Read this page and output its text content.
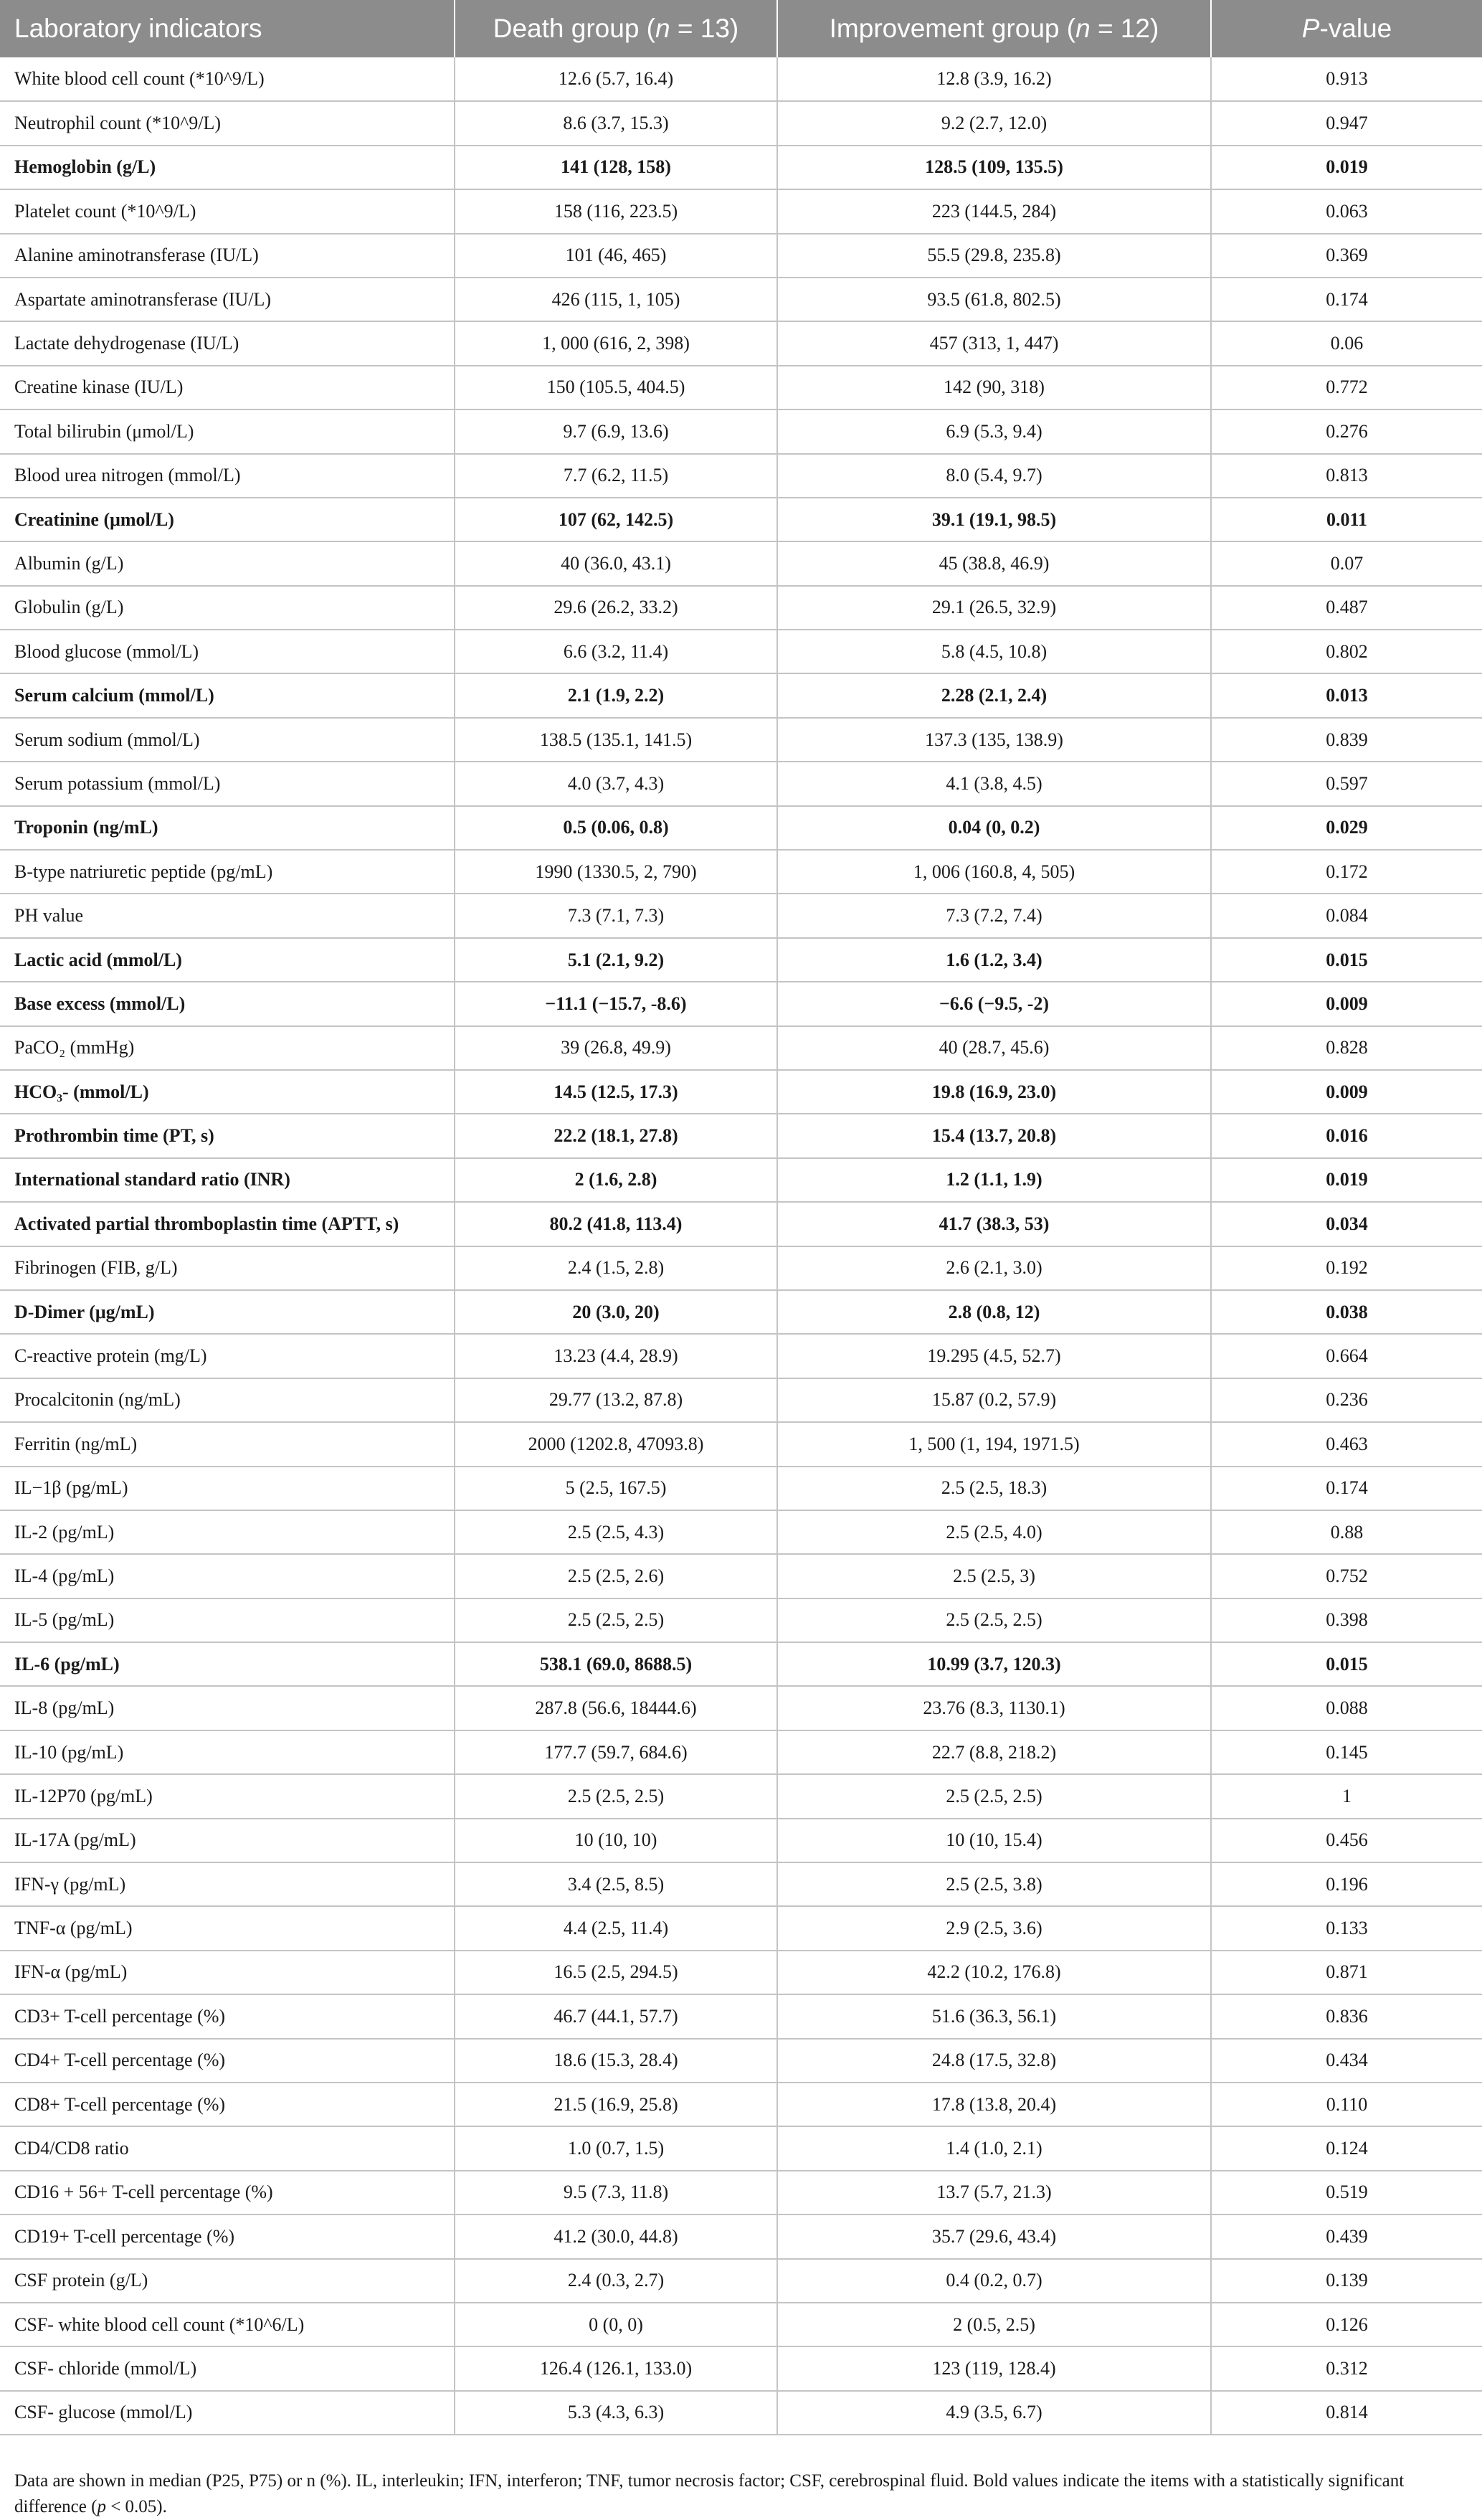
Laboratory indicators	Death group (n = 13)	Improvement group (n = 12)	P-value
White blood cell count (*10^9/L)	12.6 (5.7, 16.4)	12.8 (3.9, 16.2)	0.913
Neutrophil count (*10^9/L)	8.6 (3.7, 15.3)	9.2 (2.7, 12.0)	0.947
Hemoglobin (g/L)	141 (128, 158)	128.5 (109, 135.5)	0.019
Platelet count (*10^9/L)	158 (116, 223.5)	223 (144.5, 284)	0.063
Alanine aminotransferase (IU/L)	101 (46, 465)	55.5 (29.8, 235.8)	0.369
Aspartate aminotransferase (IU/L)	426 (115, 1, 105)	93.5 (61.8, 802.5)	0.174
Lactate dehydrogenase (IU/L)	1, 000 (616, 2, 398)	457 (313, 1, 447)	0.06
Creatine kinase (IU/L)	150 (105.5, 404.5)	142 (90, 318)	0.772
Total bilirubin (μmol/L)	9.7 (6.9, 13.6)	6.9 (5.3, 9.4)	0.276
Blood urea nitrogen (mmol/L)	7.7 (6.2, 11.5)	8.0 (5.4, 9.7)	0.813
Creatinine (μmol/L)	107 (62, 142.5)	39.1 (19.1, 98.5)	0.011
Albumin (g/L)	40 (36.0, 43.1)	45 (38.8, 46.9)	0.07
Globulin (g/L)	29.6 (26.2, 33.2)	29.1 (26.5, 32.9)	0.487
Blood glucose (mmol/L)	6.6 (3.2, 11.4)	5.8 (4.5, 10.8)	0.802
Serum calcium (mmol/L)	2.1 (1.9, 2.2)	2.28 (2.1, 2.4)	0.013
Serum sodium (mmol/L)	138.5 (135.1, 141.5)	137.3 (135, 138.9)	0.839
Serum potassium (mmol/L)	4.0 (3.7, 4.3)	4.1 (3.8, 4.5)	0.597
Troponin (ng/mL)	0.5 (0.06, 0.8)	0.04 (0, 0.2)	0.029
B-type natriuretic peptide (pg/mL)	1990 (1330.5, 2, 790)	1, 006 (160.8, 4, 505)	0.172
PH value	7.3 (7.1, 7.3)	7.3 (7.2, 7.4)	0.084
Lactic acid (mmol/L)	5.1 (2.1, 9.2)	1.6 (1.2, 3.4)	0.015
Base excess (mmol/L)	−11.1 (−15.7, -8.6)	−6.6 (−9.5, -2)	0.009
PaCO₂ (mmHg)	39 (26.8, 49.9)	40 (28.7, 45.6)	0.828
HCO₃- (mmol/L)	14.5 (12.5, 17.3)	19.8 (16.9, 23.0)	0.009
Prothrombin time (PT, s)	22.2 (18.1, 27.8)	15.4 (13.7, 20.8)	0.016
International standard ratio (INR)	2 (1.6, 2.8)	1.2 (1.1, 1.9)	0.019
Activated partial thromboplastin time (APTT, s)	80.2 (41.8, 113.4)	41.7 (38.3, 53)	0.034
Fibrinogen (FIB, g/L)	2.4 (1.5, 2.8)	2.6 (2.1, 3.0)	0.192
D-Dimer (μg/mL)	20 (3.0, 20)	2.8 (0.8, 12)	0.038
C-reactive protein (mg/L)	13.23 (4.4, 28.9)	19.295 (4.5, 52.7)	0.664
Procalcitonin (ng/mL)	29.77 (13.2, 87.8)	15.87 (0.2, 57.9)	0.236
Ferritin (ng/mL)	2000 (1202.8, 47093.8)	1, 500 (1, 194, 1971.5)	0.463
IL−1β (pg/mL)	5 (2.5, 167.5)	2.5 (2.5, 18.3)	0.174
IL-2 (pg/mL)	2.5 (2.5, 4.3)	2.5 (2.5, 4.0)	0.88
IL-4 (pg/mL)	2.5 (2.5, 2.6)	2.5 (2.5, 3)	0.752
IL-5 (pg/mL)	2.5 (2.5, 2.5)	2.5 (2.5, 2.5)	0.398
IL-6 (pg/mL)	538.1 (69.0, 8688.5)	10.99 (3.7, 120.3)	0.015
IL-8 (pg/mL)	287.8 (56.6, 18444.6)	23.76 (8.3, 1130.1)	0.088
IL-10 (pg/mL)	177.7 (59.7, 684.6)	22.7 (8.8, 218.2)	0.145
IL-12P70 (pg/mL)	2.5 (2.5, 2.5)	2.5 (2.5, 2.5)	1
IL-17A (pg/mL)	10 (10, 10)	10 (10, 15.4)	0.456
IFN-γ (pg/mL)	3.4 (2.5, 8.5)	2.5 (2.5, 3.8)	0.196
TNF-α (pg/mL)	4.4 (2.5, 11.4)	2.9 (2.5, 3.6)	0.133
IFN-α (pg/mL)	16.5 (2.5, 294.5)	42.2 (10.2, 176.8)	0.871
CD3+ T-cell percentage (%)	46.7 (44.1, 57.7)	51.6 (36.3, 56.1)	0.836
CD4+ T-cell percentage (%)	18.6 (15.3, 28.4)	24.8 (17.5, 32.8)	0.434
CD8+ T-cell percentage (%)	21.5 (16.9, 25.8)	17.8 (13.8, 20.4)	0.110
CD4/CD8 ratio	1.0 (0.7, 1.5)	1.4 (1.0, 2.1)	0.124
CD16 + 56+ T-cell percentage (%)	9.5 (7.3, 11.8)	13.7 (5.7, 21.3)	0.519
CD19+ T-cell percentage (%)	41.2 (30.0, 44.8)	35.7 (29.6, 43.4)	0.439
CSF protein (g/L)	2.4 (0.3, 2.7)	0.4 (0.2, 0.7)	0.139
CSF- white blood cell count (*10^6/L)	0 (0, 0)	2 (0.5, 2.5)	0.126
CSF- chloride (mmol/L)	126.4 (126.1, 133.0)	123 (119, 128.4)	0.312
CSF- glucose (mmol/L)	5.3 (4.3, 6.3)	4.9 (3.5, 6.7)	0.814

Data are shown in median (P25, P75) or n (%). IL, interleukin; IFN, interferon; TNF, tumor necrosis factor; CSF, cerebrospinal fluid. Bold values indicate the items with a statistically significant difference (p < 0.05).
